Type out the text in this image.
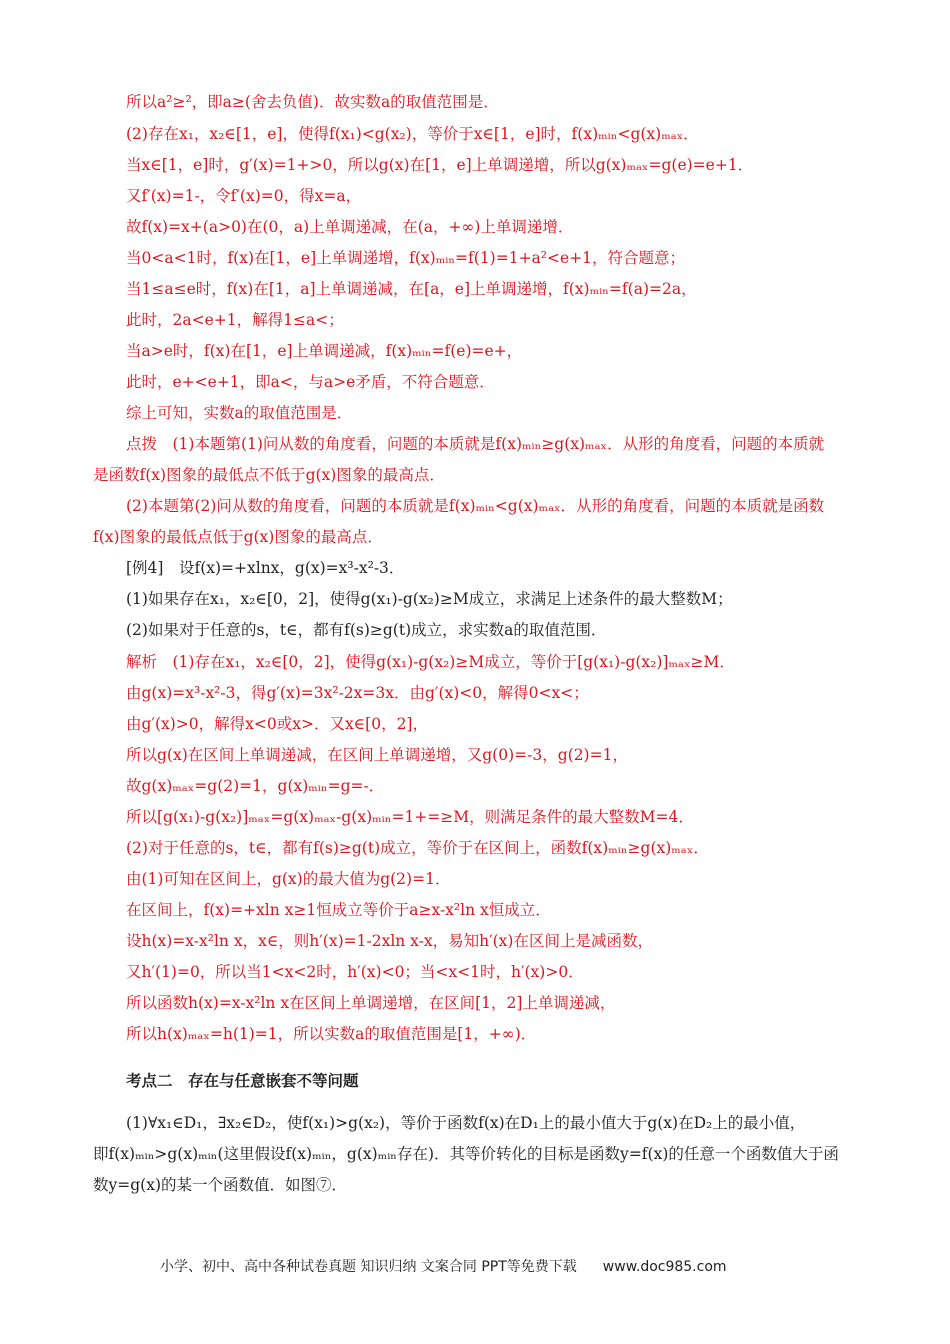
所以a²≥²，即a≥(舍去负值)．故实数a的取值范围是．
(2)存在x₁，x₂∈[1，e]，使得f(x₁)<g(x₂)，等价于x∈[1，e]时，f(x)ₘᵢₙ<g(x)ₘₐₓ．
当x∈[1，e]时，g′(x)=1+>0，所以g(x)在[1，e]上单调递增，所以g(x)ₘₐₓ=g(e)=e+1．
又f′(x)=1-，令f′(x)=0，得x=a，
故f(x)=x+(a>0)在(0，a)上单调递减，在(a，+∞)上单调递增．
当0<a<1时，f(x)在[1，e]上单调递增，f(x)ₘᵢₙ=f(1)=1+a²<e+1，符合题意；
当1≤a≤e时，f(x)在[1，a]上单调递减，在[a，e]上单调递增，f(x)ₘᵢₙ=f(a)=2a，
此时，2a<e+1，解得1≤a<；
当a>e时，f(x)在[1，e]上单调递减，f(x)ₘᵢₙ=f(e)=e+，
此时，e+<e+1，即a<，与a>e矛盾，不符合题意．
综上可知，实数a的取值范围是．
点拨　(1)本题第(1)问从数的角度看，问题的本质就是f(x)ₘᵢₙ≥g(x)ₘₐₓ．从形的角度看，问题的本质就
是函数f(x)图象的最低点不低于g(x)图象的最高点．
(2)本题第(2)问从数的角度看，问题的本质就是f(x)ₘᵢₙ<g(x)ₘₐₓ．从形的角度看，问题的本质就是函数
f(x)图象的最低点低于g(x)图象的最高点．
[例4]　设f(x)=+xlnx，g(x)=x³-x²-3．
(1)如果存在x₁，x₂∈[0，2]，使得g(x₁)-g(x₂)≥M成立，求满足上述条件的最大整数M；
(2)如果对于任意的s，t∈，都有f(s)≥g(t)成立，求实数a的取值范围．
解析　(1)存在x₁，x₂∈[0，2]，使得g(x₁)-g(x₂)≥M成立，等价于[g(x₁)-g(x₂)]ₘₐₓ≥M．
由g(x)=x³-x²-3，得g′(x)=3x²-2x=3x．由g′(x)<0，解得0<x<；
由g′(x)>0，解得x<0或x>．又x∈[0，2]，
所以g(x)在区间上单调递减，在区间上单调递增，又g(0)=-3，g(2)=1，
故g(x)ₘₐₓ=g(2)=1，g(x)ₘᵢₙ=g=-．
所以[g(x₁)-g(x₂)]ₘₐₓ=g(x)ₘₐₓ-g(x)ₘᵢₙ=1+=≥M，则满足条件的最大整数M=4．
(2)对于任意的s，t∈，都有f(s)≥g(t)成立，等价于在区间上，函数f(x)ₘᵢₙ≥g(x)ₘₐₓ．
由(1)可知在区间上，g(x)的最大值为g(2)=1．
在区间上，f(x)=+xln x≥1恒成立等价于a≥x-x²ln x恒成立．
设h(x)=x-x²ln x，x∈，则h′(x)=1-2xln x-x，易知h′(x)在区间上是减函数，
又h′(1)=0，所以当1<x<2时，h′(x)<0；当<x<1时，h′(x)>0．
所以函数h(x)=x-x²ln x在区间上单调递增，在区间[1，2]上单调递减，
所以h(x)ₘₐₓ=h(1)=1，所以实数a的取值范围是[1，+∞)．
考点二　存在与任意嵌套不等问题
(1)∀x₁∈D₁，∃x₂∈D₂，使f(x₁)>g(x₂)，等价于函数f(x)在D₁上的最小值大于g(x)在D₂上的最小值，
即f(x)ₘᵢₙ>g(x)ₘᵢₙ(这里假设f(x)ₘᵢₙ，g(x)ₘᵢₙ存在)．其等价转化的目标是函数y=f(x)的任意一个函数值大于函
数y=g(x)的某一个函数值．如图⑦．
小学、初中、高中各种试卷真题 知识归纳 文案合同 PPT等免费下载 www.doc985.com
